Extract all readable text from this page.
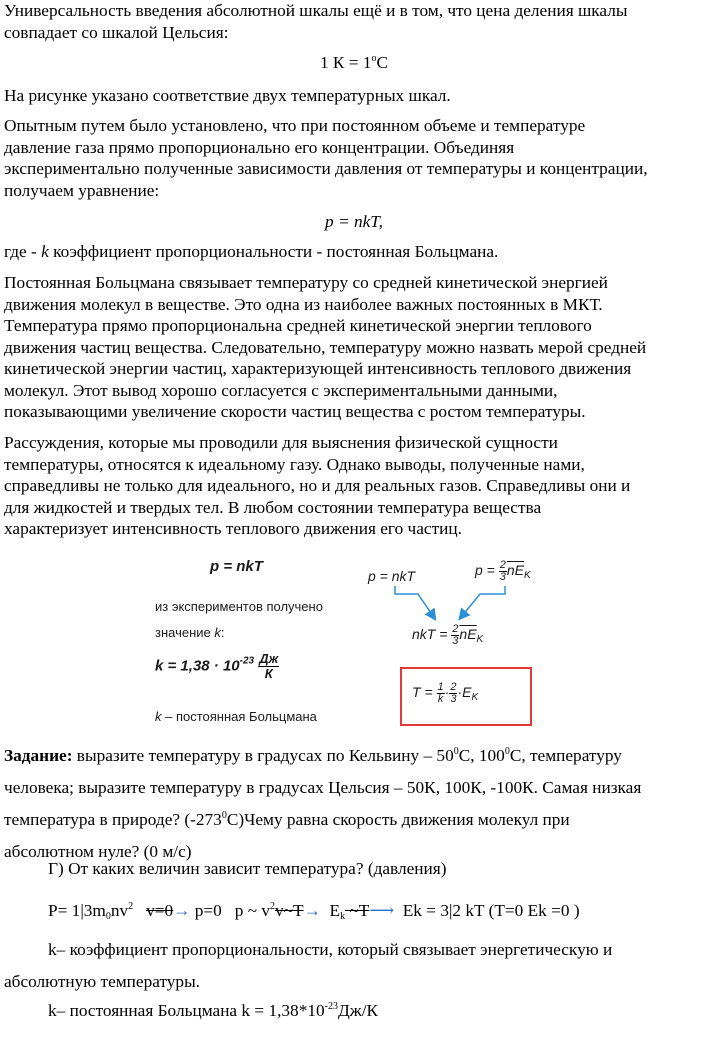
Универсальность введения абсолютной шкалы ещё и в том, что цена деления шкалы
совпадает со шкалой Цельсия:

1 $К = 1^оС$

На рисунке указано соответствие двух температурных шкал.

Опытным путем было установлено, что при постоянном объеме и температуре
давление газа прямо пропорционально его концентрации. Объединяя
экспериментально полученные зависимости давления от температуры и концентрации,
получаем уравнение:

p = nkT,

где - k коэффициент пропорциональности - постоянная Больцмана.

Постоянная Больцмана связывает температуру со средней кинетической энергией
движения молекул в веществе. Это одна из наиболее важных постоянных в МКТ.
Температура прямо пропорциональна средней кинетической энергии теплового
движения частиц вещества. Следовательно, температуру можно назвать мерой средней
кинетической энергии частиц, характеризующей интенсивность теплового движения
молекул. Этот вывод хорошо согласуется с экспериментальными данными,
показывающими увеличение скорости частиц вещества с ростом температуры.

Рассуждения, которые мы проводили для выяснения физической сущности
температуры, относятся к идеальному газу. Однако выводы, полученные нами,
справедливы не только для идеального, но и для реальных газов. Справедливы они и
для жидкостей и твердых тел. В любом состоянии температура вещества
характеризует интенсивность теплового движения его частиц.

p = nkT
из экспериментов получено
значение k:
$k = 1,38 \cdot 10^{-23} \frac{Дж}{К}$
k – постоянная Больцмана
p = nkT	$p = \frac{2}{3} \overline{nE}_K$
nkT = $\frac{2}{3} \overline{nE}_K$
$T = \frac{1}{k} \cdot \frac{2}{3} \cdot E_K$

Задание: выразите температуру в градусах по Кельвину – $50^0С$, $100^0С$, температуру
человека; выразите температуру в градусах Цельсия – 50К, 100К, -100К. Самая низкая
температура в природе? $(-273^0С)Чему$ равна скорость движения молекул при
абсолютном нуле? (0 м/с)

Г) От каких величин зависит температура? (давления)

$P= 1|3m_0nv^2$ v=0→ p=0 p ~ $v^2v\sim T\to E_k$ ~T⟶ Ek = 3|2 kT (T=0 Ek =0 )

k– коэффициент пропорциональности, который связывает энергетическую и
абсолютную температуры.

k– постоянная Больцмана $k = 1,38*10^{-23}Дж/К$
